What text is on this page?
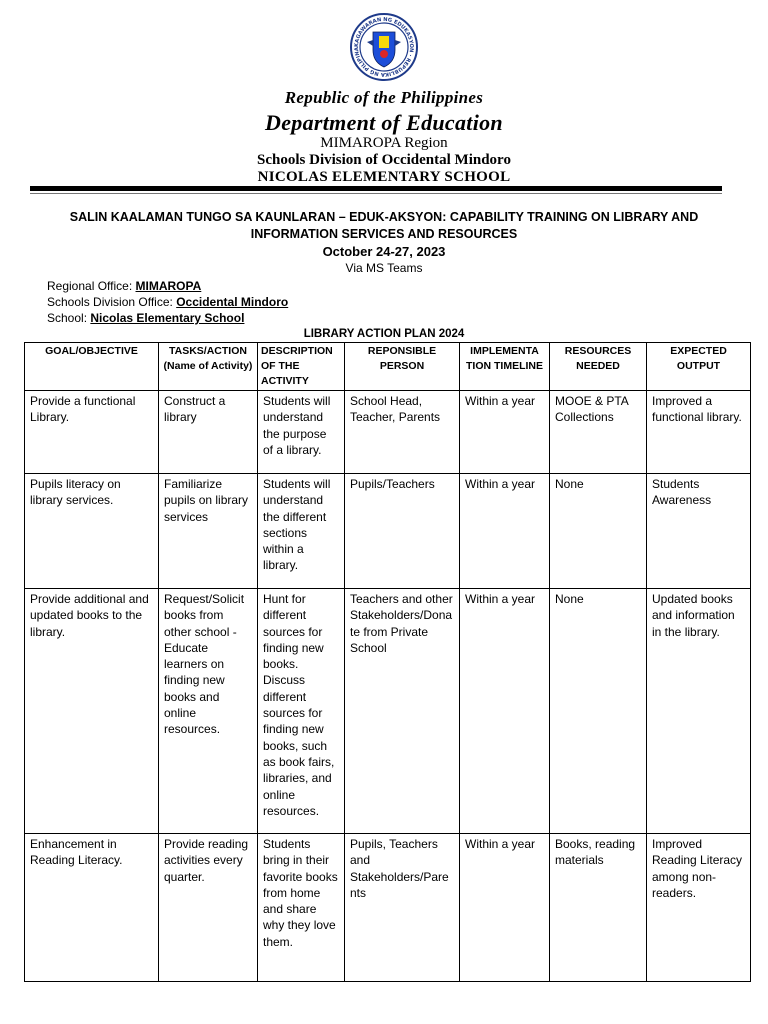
KAGAWARAN NG EDUKASYON · REPUBLIKA NG PILIPINA
Republic of the Philippines
Department of Education
MIMAROPA Region
Schools Division of Occidental Mindoro
NICOLAS ELEMENTARY SCHOOL
SALIN KAALAMAN TUNGO SA KAUNLARAN – EDUK-AKSYON: CAPABILITY TRAINING ON LIBRARY AND INFORMATION SERVICES AND RESOURCES
October 24-27, 2023
Via MS Teams
Regional Office: MIMAROPA
Schools Division Office: Occidental Mindoro
School: Nicolas Elementary School
LIBRARY ACTION PLAN 2024
GOAL/OBJECTIVE	TASKS/ACTION (Name of Activity)	DESCRIPTION OF THE ACTIVITY	REPONSIBLE PERSON	IMPLEMENTA TION TIMELINE	RESOURCES NEEDED	EXPECTED OUTPUT
Provide a functional Library.	Construct a library	Students will understand the purpose of a library.	School Head, Teacher, Parents	Within a year	MOOE & PTA Collections	Improved a functional library.
Pupils literacy on library services.	Familiarize pupils on library services	Students will understand the different sections within a library.	Pupils/Teachers	Within a year	None	Students Awareness
Provide additional and updated books to the library.	Request/Solicit books from other school - Educate learners on finding new books and online resources.	Hunt for different sources for finding new books. Discuss different sources for finding new books, such as book fairs, libraries, and online resources.	Teachers and other Stakeholders/Donate from Private School	Within a year	None	Updated books and information in the library.
Enhancement in Reading Literacy.	Provide reading activities every quarter.	Students bring in their favorite books from home and share why they love them.	Pupils, Teachers and Stakeholders/Parents	Within a year	Books, reading materials	Improved Reading Literacy among non-readers.
